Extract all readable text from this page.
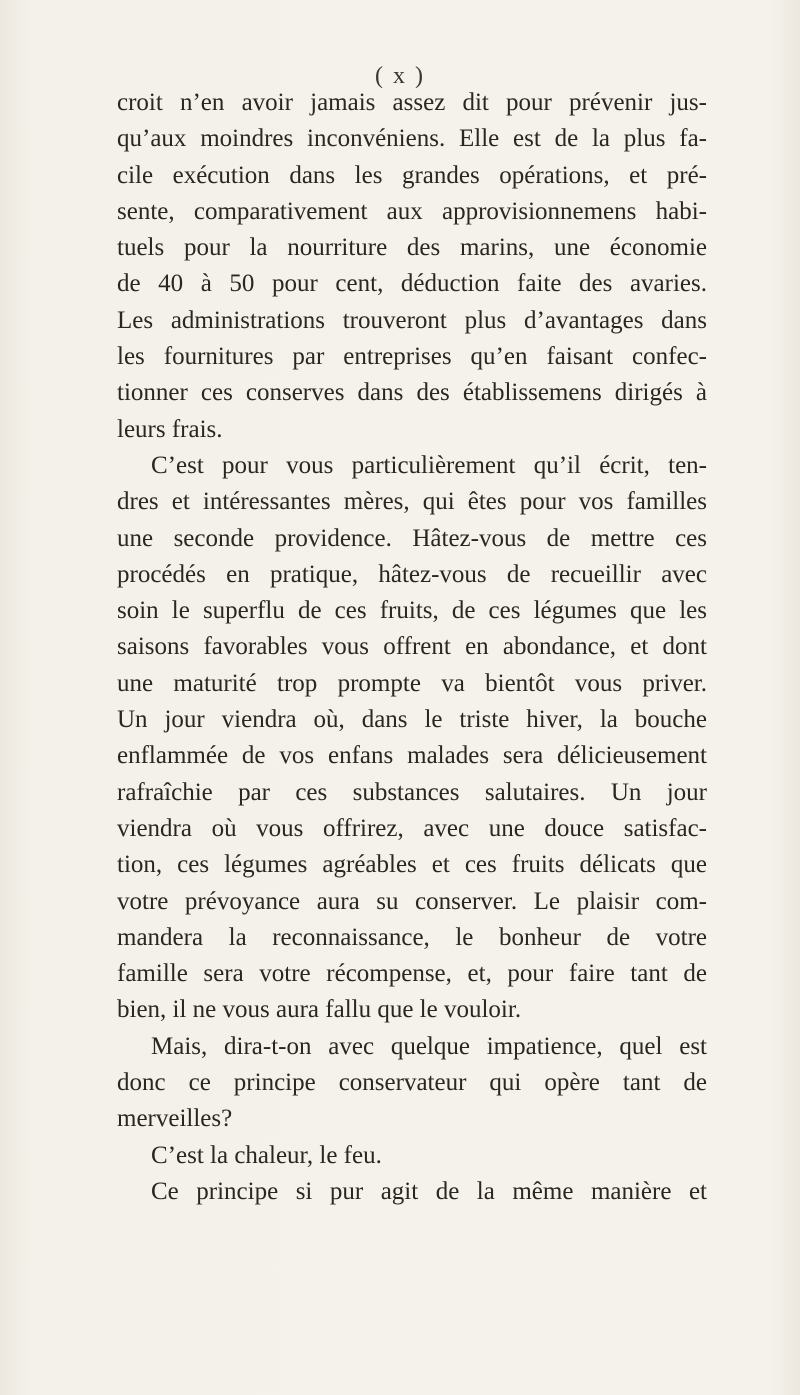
( x )
croit n’en avoir jamais assez dit pour prévenir jus-
qu’aux moindres inconvéniens. Elle est de la plus fa-
cile exécution dans les grandes opérations, et pré-
sente, comparativement aux approvisionnemens habi-
tuels pour la nourriture des marins, une économie
de 40 à 50 pour cent, déduction faite des avaries.
Les administrations trouveront plus d’avantages dans
les fournitures par entreprises qu’en faisant confec-
tionner ces conserves dans des établissemens dirigés à
leurs frais.
C’est pour vous particulièrement qu’il écrit, ten-
dres et intéressantes mères, qui êtes pour vos familles
une seconde providence. Hâtez-vous de mettre ces
procédés en pratique, hâtez-vous de recueillir avec
soin le superflu de ces fruits, de ces légumes que les
saisons favorables vous offrent en abondance, et dont
une maturité trop prompte va bientôt vous priver.
Un jour viendra où, dans le triste hiver, la bouche
enflammée de vos enfans malades sera délicieusement
rafraîchie par ces substances salutaires. Un jour
viendra où vous offrirez, avec une douce satisfac-
tion, ces légumes agréables et ces fruits délicats que
votre prévoyance aura su conserver. Le plaisir com-
mandera la reconnaissance, le bonheur de votre
famille sera votre récompense, et, pour faire tant de
bien, il ne vous aura fallu que le vouloir.
Mais, dira-t-on avec quelque impatience, quel est
donc ce principe conservateur qui opère tant de
merveilles?
C’est la chaleur, le feu.
Ce principe si pur agit de la même manière et
